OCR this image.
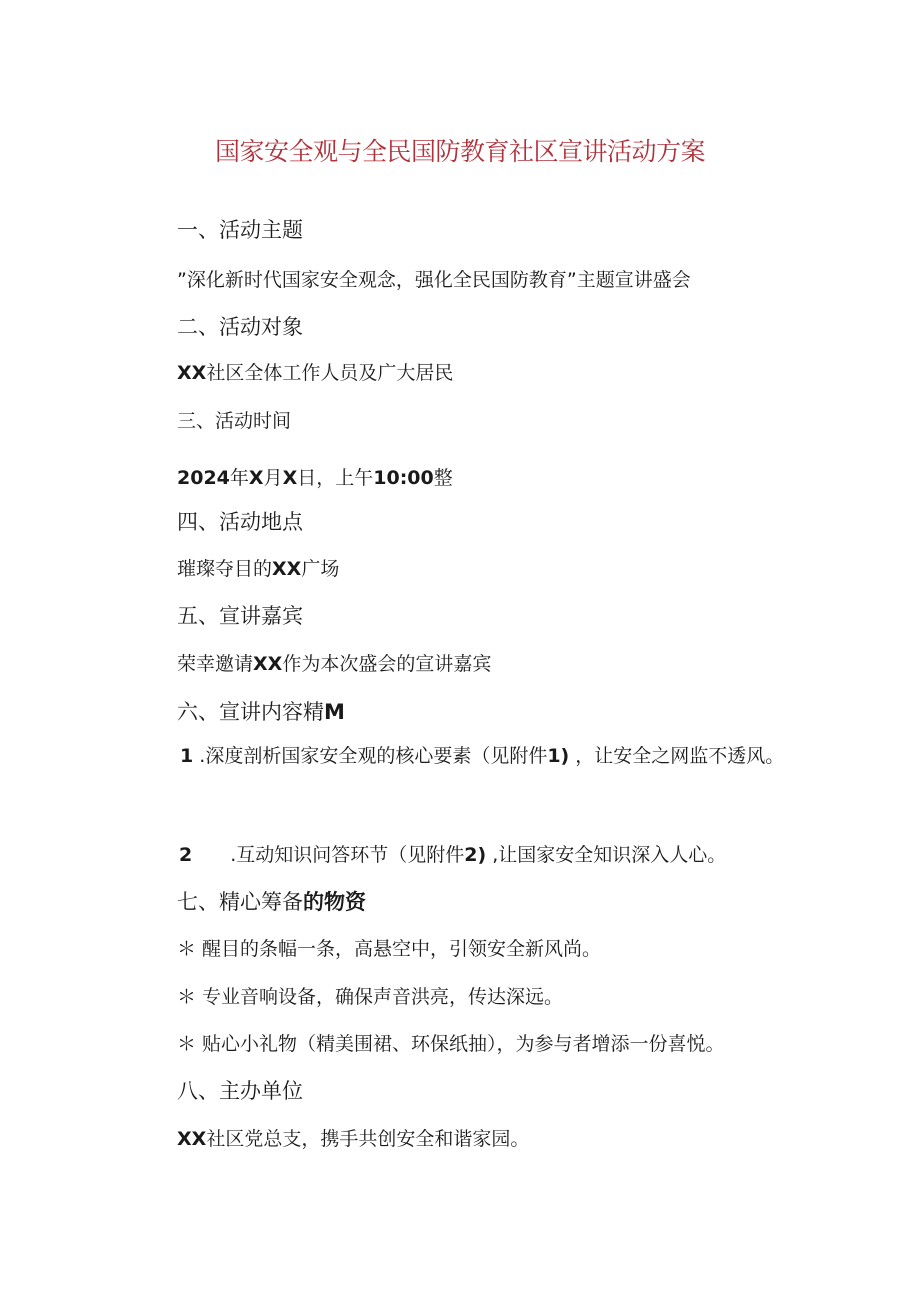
国家安全观与全民国防教育社区宣讲活动方案
一、活动主题
”深化新时代国家安全观念，强化全民国防教育”主题宣讲盛会
二、活动对象
XX社区全体工作人员及广大居民
三、活动时间
2024年X月X日，上午10:00整
四、活动地点
璀璨夺目的XX广场
五、宣讲嘉宾
荣幸邀请XX作为本次盛会的宣讲嘉宾
六、宣讲内容精M
1 .深度剖析国家安全观的核心要素（见附件1) ，让安全之网监不透风。
2 .互动知识问答环节（见附件2) ,让国家安全知识深入人心。
七、精心筹备的物资
＊ 醒目的条幅一条，高悬空中，引领安全新风尚。
＊ 专业音响设备，确保声音洪亮，传达深远。
＊ 贴心小礼物（精美围裙、环保纸抽），为参与者增添一份喜悦。
八、主办单位
XX社区党总支，携手共创安全和谐家园。
